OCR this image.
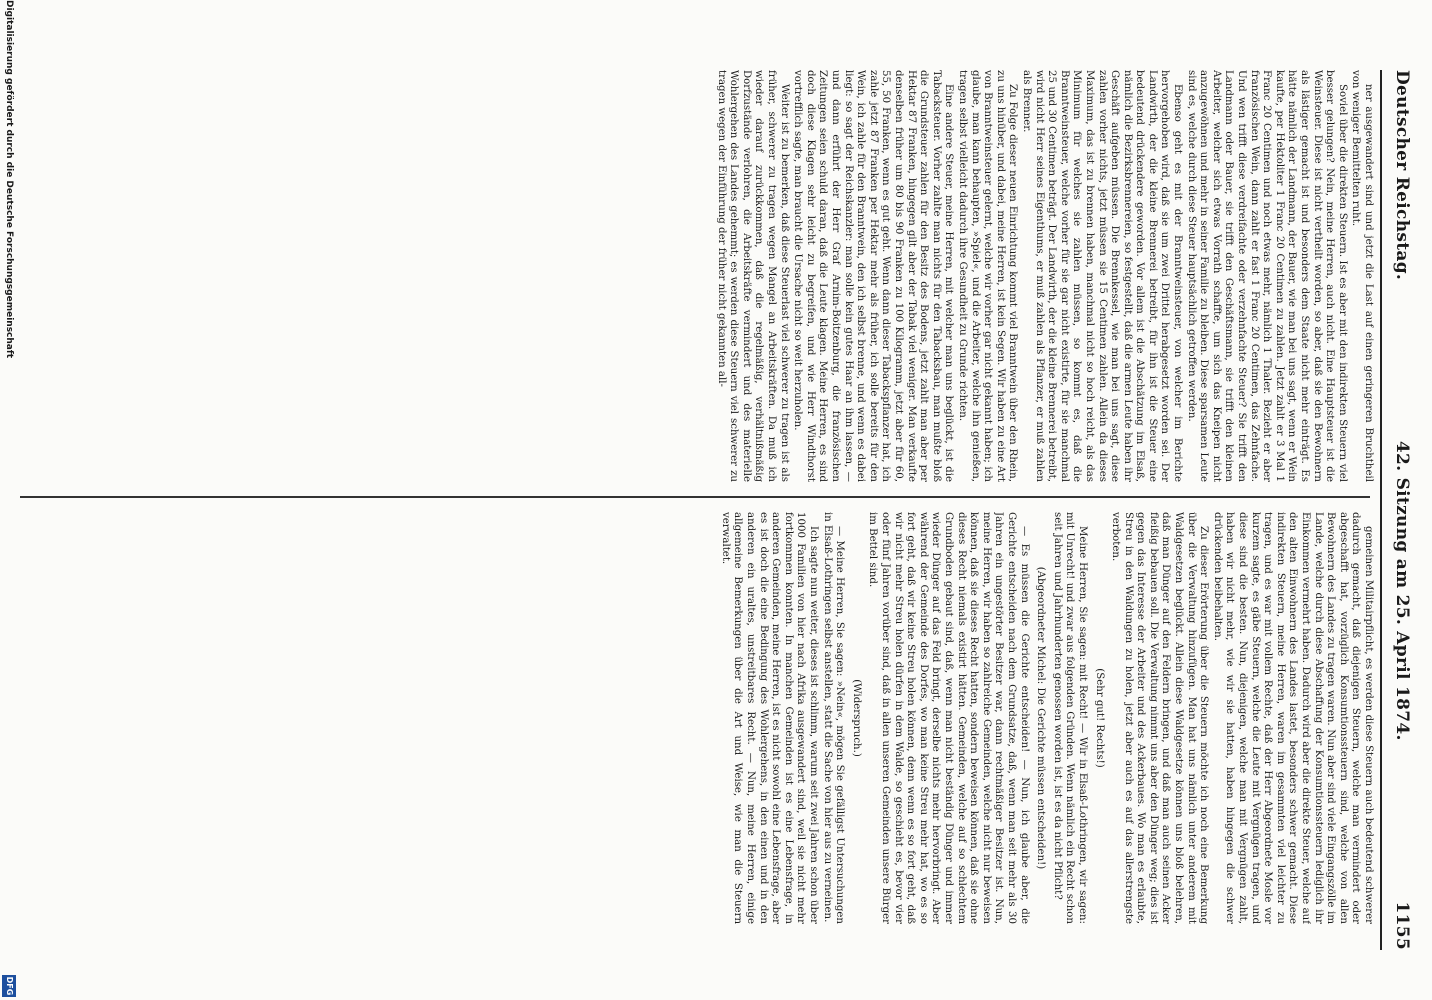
Deutscher Reichstag.
42. Sitzung am 25. April 1874.
1155

ner ausgewandert sind und jetzt die Last auf einen geringeren Bruchtheil von weniger Bemittelten ruht.

Soviel über die direkten Steuern. Ist es aber mit den indirekten Steuern viel besser gelungen? Nein, meine Herren, auch nicht. Eine Hauptsteuer ist die Weinsteuer. Diese ist nicht vertheilt worden, so aber, daß sie den Bewohnern als lästiger gemacht ist und besonders dem Staate nicht mehr einträgt. Es hätte nämlich der Landmann, der Bauer, wie man bei uns sagt, wenn er Wein kaufte, per Hektoliter 1 Franc 20 Centimen zu zahlen. Jetzt zahlt er 3 Mal 1 Franc 20 Centimen und noch etwas mehr, nämlich 1 Thaler. Bezieht er aber französischen Wein, dann zahlt er fast 1 Franc 20 Centimen, das Zehnfache. Und wen trifft diese verdreifachte oder verzehnfachte Steuer? Sie trifft den Landmann oder Bauer, sie trifft den Geschäftsmann, sie trifft den kleinen Arbeiter, welcher sich etwas Vorrath schaffte, um sich das Kneipen nicht anzugewöhnen und mehr in seiner Familie zu bleiben. Diese sparsamen Leute sind es, welche durch diese Steuer hauptsächlich getroffen werden.

Ebenso geht es mit der Branntweinsteuer, von welcher im Berichte hervorgehoben wird, daß sie um zwei Drittel herabgesetzt worden sei. Der Landwirth, der die kleine Brennerei betreibt, für ihn ist die Steuer eine bedeutend drückendere geworden. Vor allem ist die Abschätzung im Elsaß, nämlich die Bezirksbrennereien, so festgestellt, daß die armen Leute haben ihr Geschäft aufgeben müssen. Die Brennkessel, wie man bei uns sagt, diese zahlen vorher nichts, jetzt müssen sie 15 Centimen zahlen. Allein da dieses Maximum, das ist zu brennen haben, manchmal nicht so hoch reicht, als das Minimum für welches sie zahlen müssen, so kommt es, daß die Branntweinsteuer, welche vorher für sie gar nicht existirte, für sie manchmal 25 und 30 Centimen beträgt. Der Landwirth, der die kleine Brennerei betreibt, wird nicht Herr seines Eigenthums, er muß zahlen als Pflanzer, er muß zahlen als Brenner.

Zu Folge dieser neuen Einrichtung kommt viel Branntwein über den Rhein, zu uns hinüber, und dabei, meine Herren, ist kein Segen. Wir haben zu eine Art von Branntweinsteuer gelernt, welche wir vorher gar nicht gekannt haben; ich glaube, man kann behaupten, »Spiel«, und die Arbeiter, welche ihn genießen, tragen selbst vielleicht dadurch ihre Gesundheit zu Grunde richten.

Eine andere Steuer, meine Herren, mit welcher man uns beglückt, ist die Tabacksteuer. Vorher zahlte man nichts für den Tabacksbau, man mußte bloß die Grundsteuer zahlen für den Besitz des Bodens, jetzt zahlt man aber per Hektar 87 Franken, hingegen gilt aber der Tabak viel weniger. Man verkaufte denselben früher um 80 bis 90 Franken zu 100 Kilogramm, jetzt aber für 60, 55, 50 Franken, wenn es gut geht. Wenn dann dieser Tabackspflanzer hat, ich zahle jetzt 87 Franken per Hektar mehr als früher, ich solle bereits für den Wein, ich zahle für den Branntwein, den ich selbst brenne, und wenn es dabei liegt: so sagt der Reichskanzler: man solle kein gutes Haar an ihm lassen, — und dann erführt der Herr Graf Arnim-Boitzenburg, die französischen Zeitungen seien schuld daran, daß die Leute klagen. Meine Herren, es sind doch diese Klagen sehr leicht zu begreifen, und wie Herr Windthorst vortrefflich sagte, man braucht die Ursache nicht so weit herzuholen.

Weiter ist zu bemerken, daß diese Steuerlast viel schwerer zu tragen ist als früher, schwerer zu tragen wegen Mangel an Arbeitskräften. Da muß ich wieder darauf zurückkommen, daß die regelmäßig, verhältnißmäßig Dorfzustände verlohren, die Arbeitskräfte vermindert und des materielle Wohlergehen des Landes gehemmt; es werden diese Steuern viel schwerer zu tragen wegen der Einführung der früher nicht gekannten all-

gemeinen Militairpflicht, es werden diese Steuern auch bedeutend schwerer dadurch gemacht, daß diejenigen Steuern, welche man vermindert oder abgeschafft hat, vorzüglich Konsumtionssteuern sind, welche von allen Bewohnern des Landes zu tragen waren. Nun aber sind viele Eingangszölle im Lande, welche durch diese Abschaffung der Konsumtionssteuern lediglich ihr Einkommen vermehrt haben. Dadurch wird aber die direkte Steuer, welche auf den alten Einwohnern des Landes lastet, besonders schwer gemacht. Diese indirekten Steuern, meine Herren, waren im gesammten viel leichter zu tragen, und es war mit vollem Rechte, daß der Herr Abgeordnete Mosle vor kurzem sagte, es gäbe Steuern, welche die Leute mit Vergnügen tragen, und diese sind die besten. Nun, diejenigen, welche man mit Vergnügen zahlt, haben wir nicht mehr, wie wir sie hatten, haben hingegen die schwer drückenden beibehalten.

Zu dieser Erörterung über die Steuern möchte ich noch eine Bemerkung über die Verwaltung hinzufügen. Man hat uns nämlich unter anderem mit Waldgesetzen beglückt. Allein diese Waldgesetze können uns bloß belehren, daß man Dünger auf den Feldern bringen, und daß man auch seinen Acker fleißig bebauen soll. Die Verwaltung nimmt uns aber den Dünger weg; dies ist gegen das Interesse der Arbeiter und des Ackerbaues. Wo man es erlaubte, Streu in den Waldungen zu holen, jetzt aber auch es auf das allerstrengste verboten.

(Sehr gut! Rechts!)

Meine Herren, Sie sagen: mit Recht! — Wir in Elsaß-Lothringen, wir sagen: mit Unrecht! und zwar aus folgenden Gründen. Wenn nämlich ein Recht schon seit Jahren und Jahrhunderten genossen worden ist, ist es da nicht Pflicht?

(Abgeordneter Michel: Die Gerichte müssen entscheiden!)

— Es müssen die Gerichte entscheiden! — Nun, ich glaube aber, die Gerichte entscheiden nach dem Grundsatze, daß, wenn man seit mehr als 30 Jahren ein ungestörter Besitzer war, dann rechtmäßiger Besitzer ist. Nun, meine Herren, wir haben so zahlreiche Gemeinden, welche nicht nur beweisen können, daß sie dieses Recht hatten, sondern beweisen können, daß sie ohne dieses Recht niemals existirt hätten. Gemeinden, welche auf so schlechtem Grundboden gebaut sind, daß, wenn man nicht beständig Dünger und immer wieder Dünger auf das Feld bringt, derselbe nichts mehr hervorbringt. Aber während der Gemeinde des Dorfes, wo man keine Streu mehr hat, wo es so fort geht, daß wir keine Streu holen können, denn wenn es so fort geht, daß wir nicht mehr Streu holen dürfen in dem Walde, so geschieht es, bevor vier oder fünf Jahren vorüber sind, daß in allen unseren Gemeinden unsere Bürger im Bettel sind.

(Widerspruch.)

— Meine Herren, Sie sagen: »Nein«, mögen Sie gefälligst Untersuchungen in Elsaß-Lothringen selbst anstellen, statt die Sache von hier aus zu verneinen.

Ich sagte nun weiter, dieses ist schlimm, warum seit zwei Jahren schon über 1000 Familien von hier nach Afrika ausgewandert sind, weil sie nicht mehr fortkommen konnten. In manchen Gemeinden ist es eine Lebensfrage, in anderen Gemeinden, meine Herren, ist es nicht sowohl eine Lebensfrage, aber es ist doch die eine Bedingung des Wohlergehens, in den einen und in den anderen ein uraltes, unstreitbares Recht. — Nun, meine Herren, einige allgemeine Bemerkungen über die Art und Weise, wie man die Steuern verwaltet.

Digitalisierung gefördert durch die Deutsche Forschungsgemeinschaft
DFG
